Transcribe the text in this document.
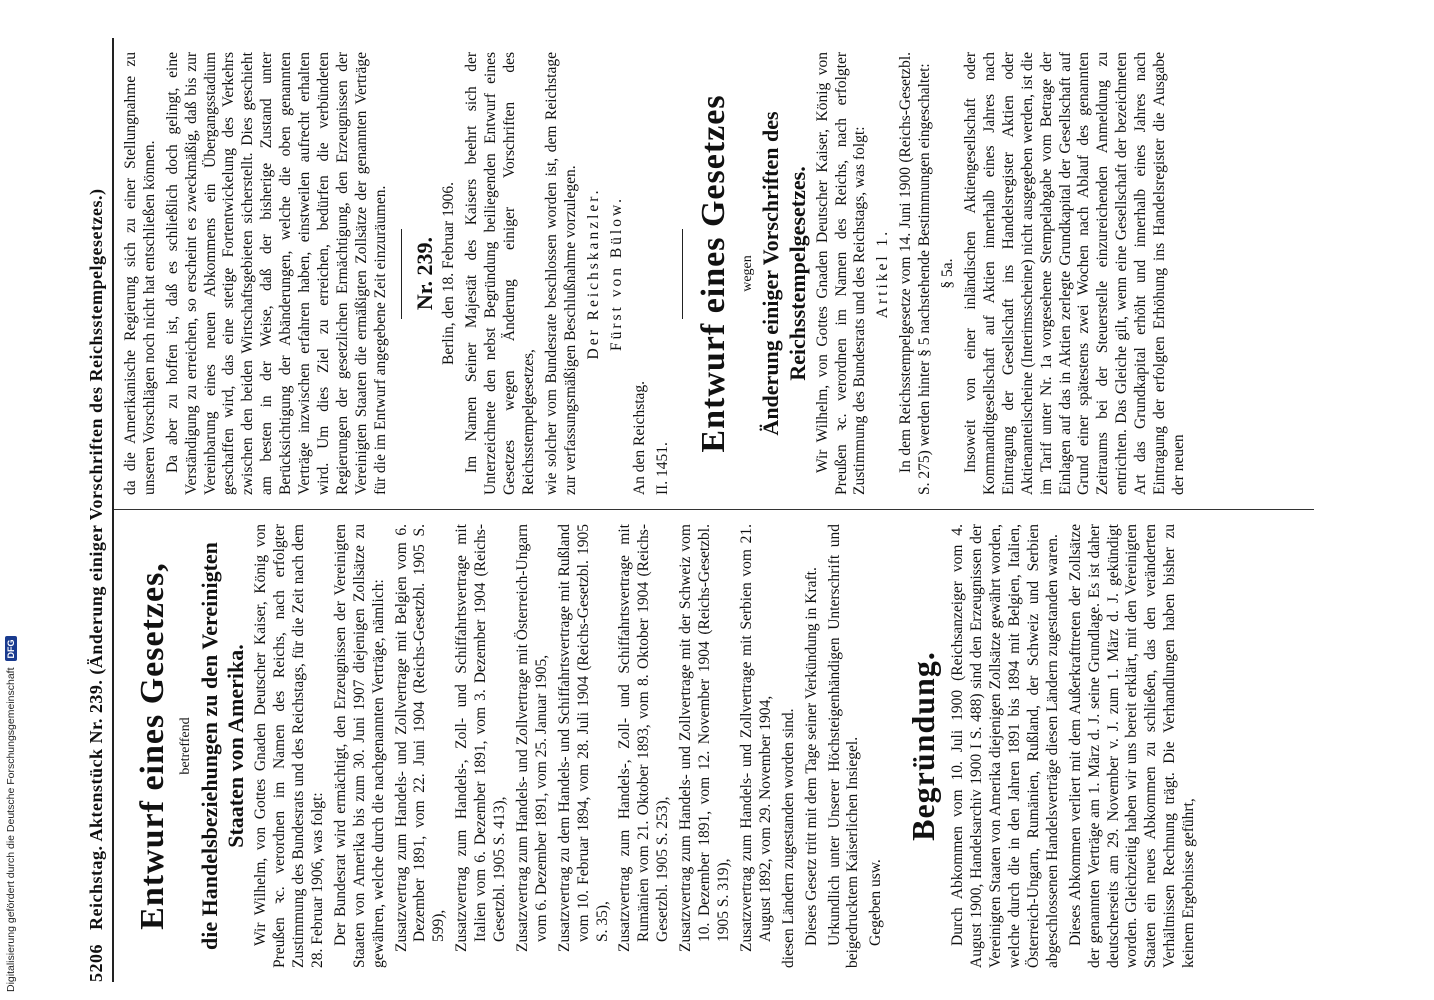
5206
Reichstag. Aktenstück Nr. 239. (Änderung einiger Vorschriften des Reichsstempelgesetzes.) Entwurf eines Gesetzes, betreffend die Handelsbeziehungen zu den Vereinigten Staaten von Amerika. Wir Wilhelm, von Gottes Gnaden Deutscher Kaiser, König von Preußen ꝛc. verordnen im Namen des Reichs, nach erfolgter Zustimmung des Bundesrats und des Reichstags, für die Zeit nach dem 28. Februar 1906, was folgt: Der Bundesrat wird ermächtigt, den Erzeugnissen der Vereinigten Staaten von Amerika bis zum 30. Juni 1907 diejenigen Zollsätze zu gewähren, welche durch die nachgenannten Verträge, nämlich: Zusatzvertrag zum Handels- und Zollvertrage mit Belgien vom 6. Dezember 1891, vom 22. Juni 1904 (Reichs-Gesetzbl. 1905 S. 599), Zusatzvertrag zum Handels-, Zoll- und Schiffahrtsvertrage mit Italien vom 6. Dezember 1891, vom 3. Dezember 1904 (Reichs-Gesetzbl. 1905 S. 413), Zusatzvertrag zum Handels- und Zollvertrage mit Österreich-Ungarn vom 6. Dezember 1891, vom 25. Januar 1905, Zusatzvertrag zu dem Handels- und Schiffahrtsvertrage mit Rußland vom 10. Februar 1894, vom 28. Juli 1904 (Reichs-Gesetzbl. 1905 S. 35), Zusatzvertrag zum Handels-, Zoll- und Schiffahrtsvertrage mit Rumänien vom 21. Oktober 1893, vom 8. Oktober 1904 (Reichs-Gesetzbl. 1905 S. 253), Zusatzvertrag zum Handels- und Zollvertrage mit der Schweiz vom 10. Dezember 1891, vom 12. November 1904 (Reichs-Gesetzbl. 1905 S. 319), Zusatzvertrag zum Handels- und Zollvertrage mit Serbien vom 21. August 1892, vom 29. November 1904, diesen Ländern zugestanden worden sind. Dieses Gesetz tritt mit dem Tage seiner Verkündung in Kraft. Urkundlich unter Unserer Höchsteigenhändigen Unterschrift und beigedrucktem Kaiserlichen Insiegel. Gegeben usw.

Begründung. Durch Abkommen vom 10. Juli 1900 (Reichsanzeiger vom 4. August 1900, Handelsarchiv 1900 I S. 488) sind den Erzeugnissen der Vereinigten Staaten von Amerika diejenigen Zollsätze gewährt worden, welche durch die in den Jahren 1891 bis 1894 mit Belgien, Italien, Österreich-Ungarn, Rumänien, Rußland, der Schweiz und Serbien abgeschlossenen Handelsverträge diesen Ländern zugestanden waren. Dieses Abkommen verliert mit dem Außerkrafttreten der Zollsätze der genannten Verträge am 1. März d. J. seine Grundlage. Es ist daher deutscherseits am 29. November v. J. zum 1. März d. J. gekündigt worden. Gleichzeitig haben wir uns bereit erklärt, mit den Vereinigten Staaten ein neues Abkommen zu schließen, das den veränderten Verhältnissen Rechnung trägt. Die Verhandlungen haben bisher zu keinem Ergebnisse geführt,

da die Amerikanische Regierung sich zu einer Stellungnahme zu unseren Vorschlägen noch nicht hat entschließen können. Da aber zu hoffen ist, daß es schließlich doch gelingt, eine Verständigung zu erreichen, so erscheint es zweckmäßig, daß bis zur Vereinbarung eines neuen Abkommens ein Übergangsstadium geschaffen wird, das eine stetige Fortentwickelung des Verkehrs zwischen den beiden Wirtschaftsgebieten sicherstellt. Dies geschieht am besten in der Weise, daß der bisherige Zustand unter Berücksichtigung der Abänderungen, welche die oben genannten Verträge inzwischen erfahren haben, einstweilen aufrecht erhalten wird. Um dies Ziel zu erreichen, bedürfen die verbündeten Regierungen der gesetzlichen Ermächtigung, den Erzeugnissen der Vereinigten Staaten die ermäßigten Zollsätze der genannten Verträge für die im Entwurf angegebene Zeit einzuräumen. Nr. 239. Berlin, den 18. Februar 1906. Im Namen Seiner Majestät des Kaisers beehrt sich der Unterzeichnete den nebst Begründung beiliegenden Entwurf eines Gesetzes wegen Änderung einiger Vorschriften des Reichsstempelgesetzes, wie solcher vom Bundesrate beschlossen worden ist, dem Reichstage zur verfassungsmäßigen Beschlußnahme vorzulegen. Der Reichskanzler. Fürst von Bülow.

An den Reichstag. II. 1451.

Entwurf eines Gesetzes wegen Änderung einiger Vorschriften des Reichsstempelgesetzes. Wir Wilhelm, von Gottes Gnaden Deutscher Kaiser, König von Preußen ꝛc. verordnen im Namen des Reichs, nach erfolgter Zustimmung des Bundesrats und des Reichstags, was folgt: Artikel 1. In dem Reichsstempelgesetze vom 14. Juni 1900 (Reichs-Gesetzbl. S. 275) werden hinter § 5 nachstehende Bestimmungen eingeschaltet: § 5a. Insoweit von einer inländischen Aktiengesellschaft oder Kommanditgesellschaft auf Aktien innerhalb eines Jahres nach Eintragung der Gesellschaft ins Handelsregister Aktien oder Aktienanteilscheine (Interimsscheine) nicht ausgegeben werden, ist die im Tarif unter Nr. 1a vorgesehene Stempelabgabe vom Betrage der Einlagen auf das in Aktien zerlegte Grundkapital der Gesellschaft auf Grund einer spätestens zwei Wochen nach Ablauf des genannten Zeitraums bei der Steuerstelle einzureichenden Anmeldung zu entrichten. Das Gleiche gilt, wenn eine Gesellschaft der bezeichneten Art das Grundkapital erhöht und innerhalb eines Jahres nach Eintragung der erfolgten Erhöhung ins Handelsregister die Ausgabe der neuen

Digitalisierung gefördert durch die Deutsche Forschungsgemeinschaft
DFG
